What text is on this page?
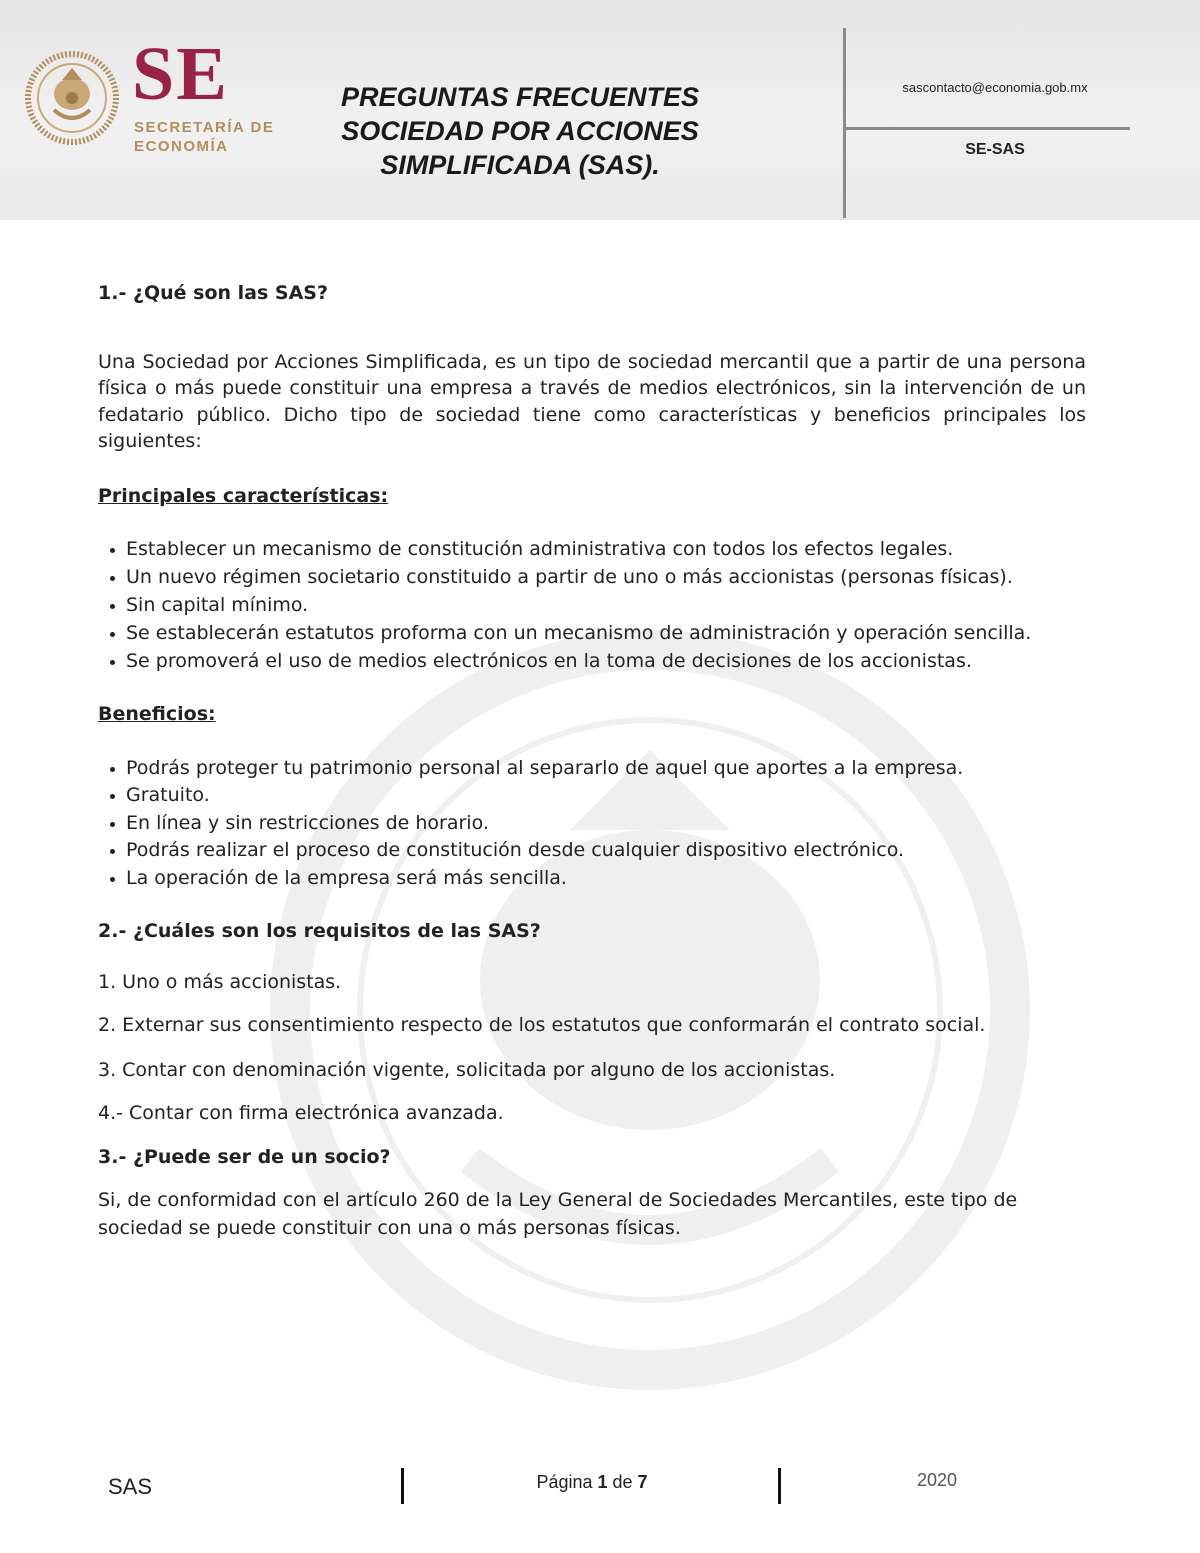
SE
SECRETARÍA DE
ECONOMÍA
PREGUNTAS FRECUENTES
SOCIEDAD POR ACCIONES
SIMPLIFICADA (SAS).
sascontacto@economia.gob.mx
SE-SAS

1.- ¿Qué son las SAS?

Una Sociedad por Acciones Simplificada, es un tipo de sociedad mercantil que a partir de una persona física o más puede constituir una empresa a través de medios electrónicos, sin la intervención de un fedatario público. Dicho tipo de sociedad tiene como características y beneficios principales los siguientes:

Principales características:

• Establecer un mecanismo de constitución administrativa con todos los efectos legales.
• Un nuevo régimen societario constituido a partir de uno o más accionistas (personas físicas).
• Sin capital mínimo.
• Se establecerán estatutos proforma con un mecanismo de administración y operación sencilla.
• Se promoverá el uso de medios electrónicos en la toma de decisiones de los accionistas.

Beneficios:

• Podrás proteger tu patrimonio personal al separarlo de aquel que aportes a la empresa.
• Gratuito.
• En línea y sin restricciones de horario.
• Podrás realizar el proceso de constitución desde cualquier dispositivo electrónico.
• La operación de la empresa será más sencilla.

2.- ¿Cuáles son los requisitos de las SAS?

1. Uno o más accionistas.

2. Externar sus consentimiento respecto de los estatutos que conformarán el contrato social.

3. Contar con denominación vigente, solicitada por alguno de los accionistas.

4.- Contar con firma electrónica avanzada.

3.- ¿Puede ser de un socio?

Si, de conformidad con el artículo 260 de la Ley General de Sociedades Mercantiles, este tipo de sociedad se puede constituir con una o más personas físicas.

SAS	Página 1 de 7	2020
